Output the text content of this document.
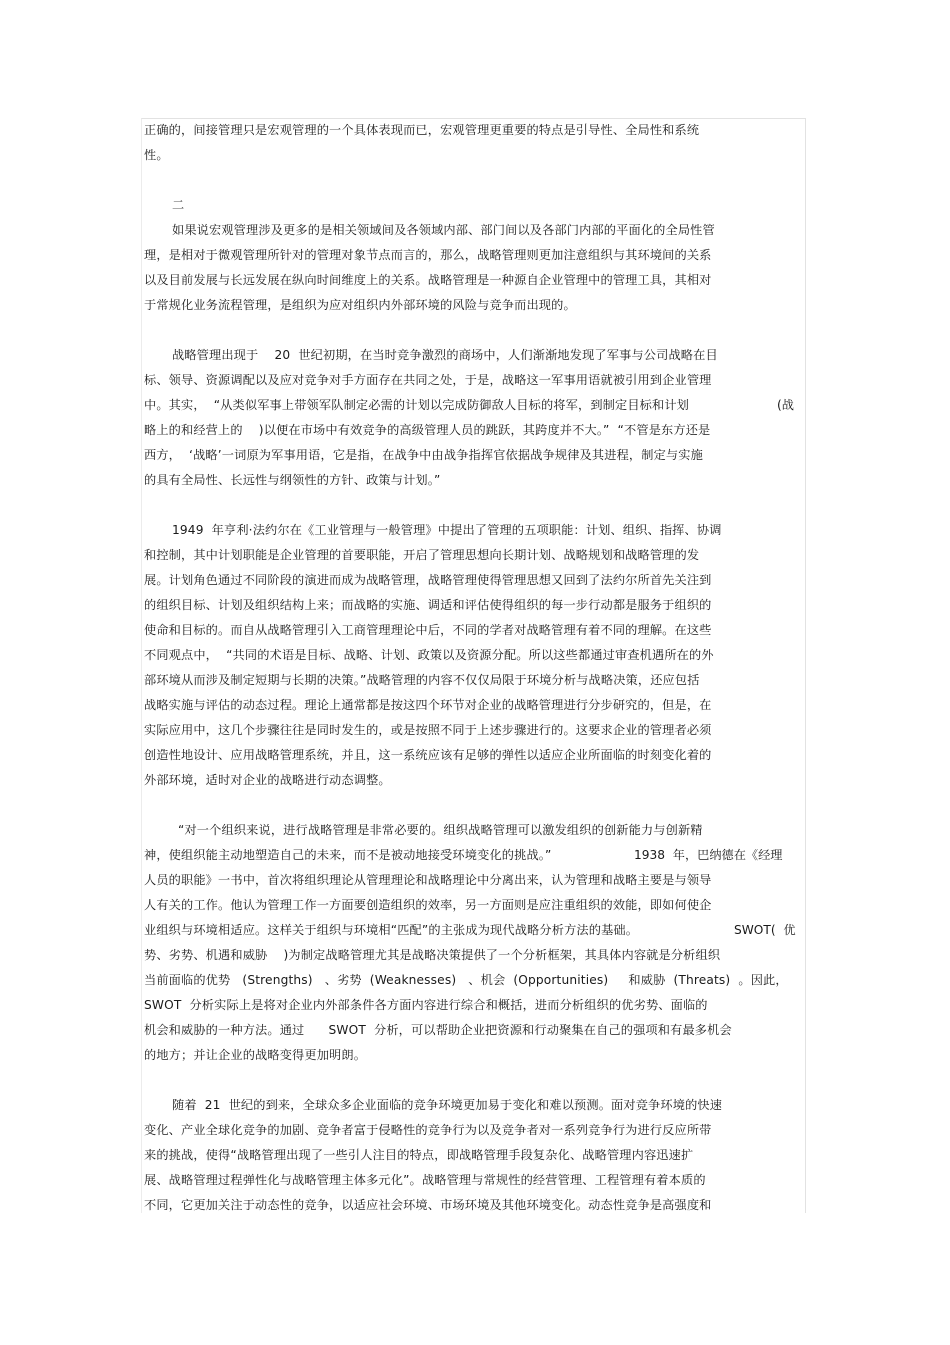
正确的，间接管理只是宏观管理的一个具体表现而已，宏观管理更重要的特点是引导性、全局性和系统
性。
二
如果说宏观管理涉及更多的是相关领域间及各领域内部、部门间以及各部门内部的平面化的全局性管
理，是相对于微观管理所针对的管理对象节点而言的，那么，战略管理则更加注意组织与其环境间的关系
以及目前发展与长远发展在纵向时间维度上的关系。战略管理是一种源自企业管理中的管理工具，其相对
于常规化业务流程管理，是组织为应对组织内外部环境的风险与竞争而出现的。
战略管理出现于    20  世纪初期，在当时竞争激烈的商场中，人们渐渐地发现了军事与公司战略在目
标、领导、资源调配以及应对竞争对手方面存在共同之处，于是，战略这一军事用语就被引用到企业管理
中。其实，  “从类似军事上带领军队制定必需的计划以完成防御敌人目标的将军，到制定目标和计划	(战
略上的和经营上的    )以便在市场中有效竞争的高级管理人员的跳跃，其跨度并不大。”  “不管是东方还是
西方，  ‘战略’一词原为军事用语，它是指，在战争中由战争指挥官依据战争规律及其进程，制定与实施
的具有全局性、长远性与纲领性的方针、政策与计划。”
1949  年亨利·法约尔在《工业管理与一般管理》中提出了管理的五项职能：计划、组织、指挥、协调
和控制，其中计划职能是企业管理的首要职能，开启了管理思想向长期计划、战略规划和战略管理的发
展。计划角色通过不同阶段的演进而成为战略管理，战略管理使得管理思想又回到了法约尔所首先关注到
的组织目标、计划及组织结构上来；而战略的实施、调适和评估使得组织的每一步行动都是服务于组织的
使命和目标的。而自从战略管理引入工商管理理论中后，不同的学者对战略管理有着不同的理解。在这些
不同观点中，  “共同的术语是目标、战略、计划、政策以及资源分配。所以这些都通过审查机遇所在的外
部环境从而涉及制定短期与长期的决策。”战略管理的内容不仅仅局限于环境分析与战略决策，还应包括
战略实施与评估的动态过程。理论上通常都是按这四个环节对企业的战略管理进行分步研究的，但是，在
实际应用中，这几个步骤往往是同时发生的，或是按照不同于上述步骤进行的。这要求企业的管理者必须
创造性地设计、应用战略管理系统，并且，这一系统应该有足够的弹性以适应企业所面临的时刻变化着的
外部环境，适时对企业的战略进行动态调整。
“对一个组织来说，进行战略管理是非常必要的。组织战略管理可以激发组织的创新能力与创新精
神，使组织能主动地塑造自己的未来，而不是被动地接受环境变化的挑战。”	1938  年，巴纳德在《经理
人员的职能》一书中，首次将组织理论从管理理论和战略理论中分离出来，认为管理和战略主要是与领导
人有关的工作。他认为管理工作一方面要创造组织的效率，另一方面则是应注重组织的效能，即如何使企
业组织与环境相适应。这样关于组织与环境相“匹配”的主张成为现代战略分析方法的基础。	SWOT(  优
势、劣势、机遇和威胁    )为制定战略管理尤其是战略决策提供了一个分析框架，其具体内容就是分析组织
当前面临的优势   (Strengths)   、劣势  (Weaknesses)   、机会  (Opportunities)     和威胁  (Threats)  。因此，
SWOT  分析实际上是将对企业内外部条件各方面内容进行综合和概括，进而分析组织的优劣势、面临的
机会和威胁的一种方法。通过      SWOT  分析，可以帮助企业把资源和行动聚集在自己的强项和有最多机会
的地方；并让企业的战略变得更加明朗。
随着  21  世纪的到来，全球众多企业面临的竞争环境更加易于变化和难以预测。面对竞争环境的快速
变化、产业全球化竞争的加剧、竞争者富于侵略性的竞争行为以及竞争者对一系列竞争行为进行反应所带
来的挑战，使得“战略管理出现了一些引人注目的特点，即战略管理手段复杂化、战略管理内容迅速扩
展、战略管理过程弹性化与战略管理主体多元化”。战略管理与常规性的经营管理、工程管理有着本质的
不同，它更加关注于动态性的竞争，以适应社会环境、市场环境及其他环境变化。动态性竞争是高强度和
